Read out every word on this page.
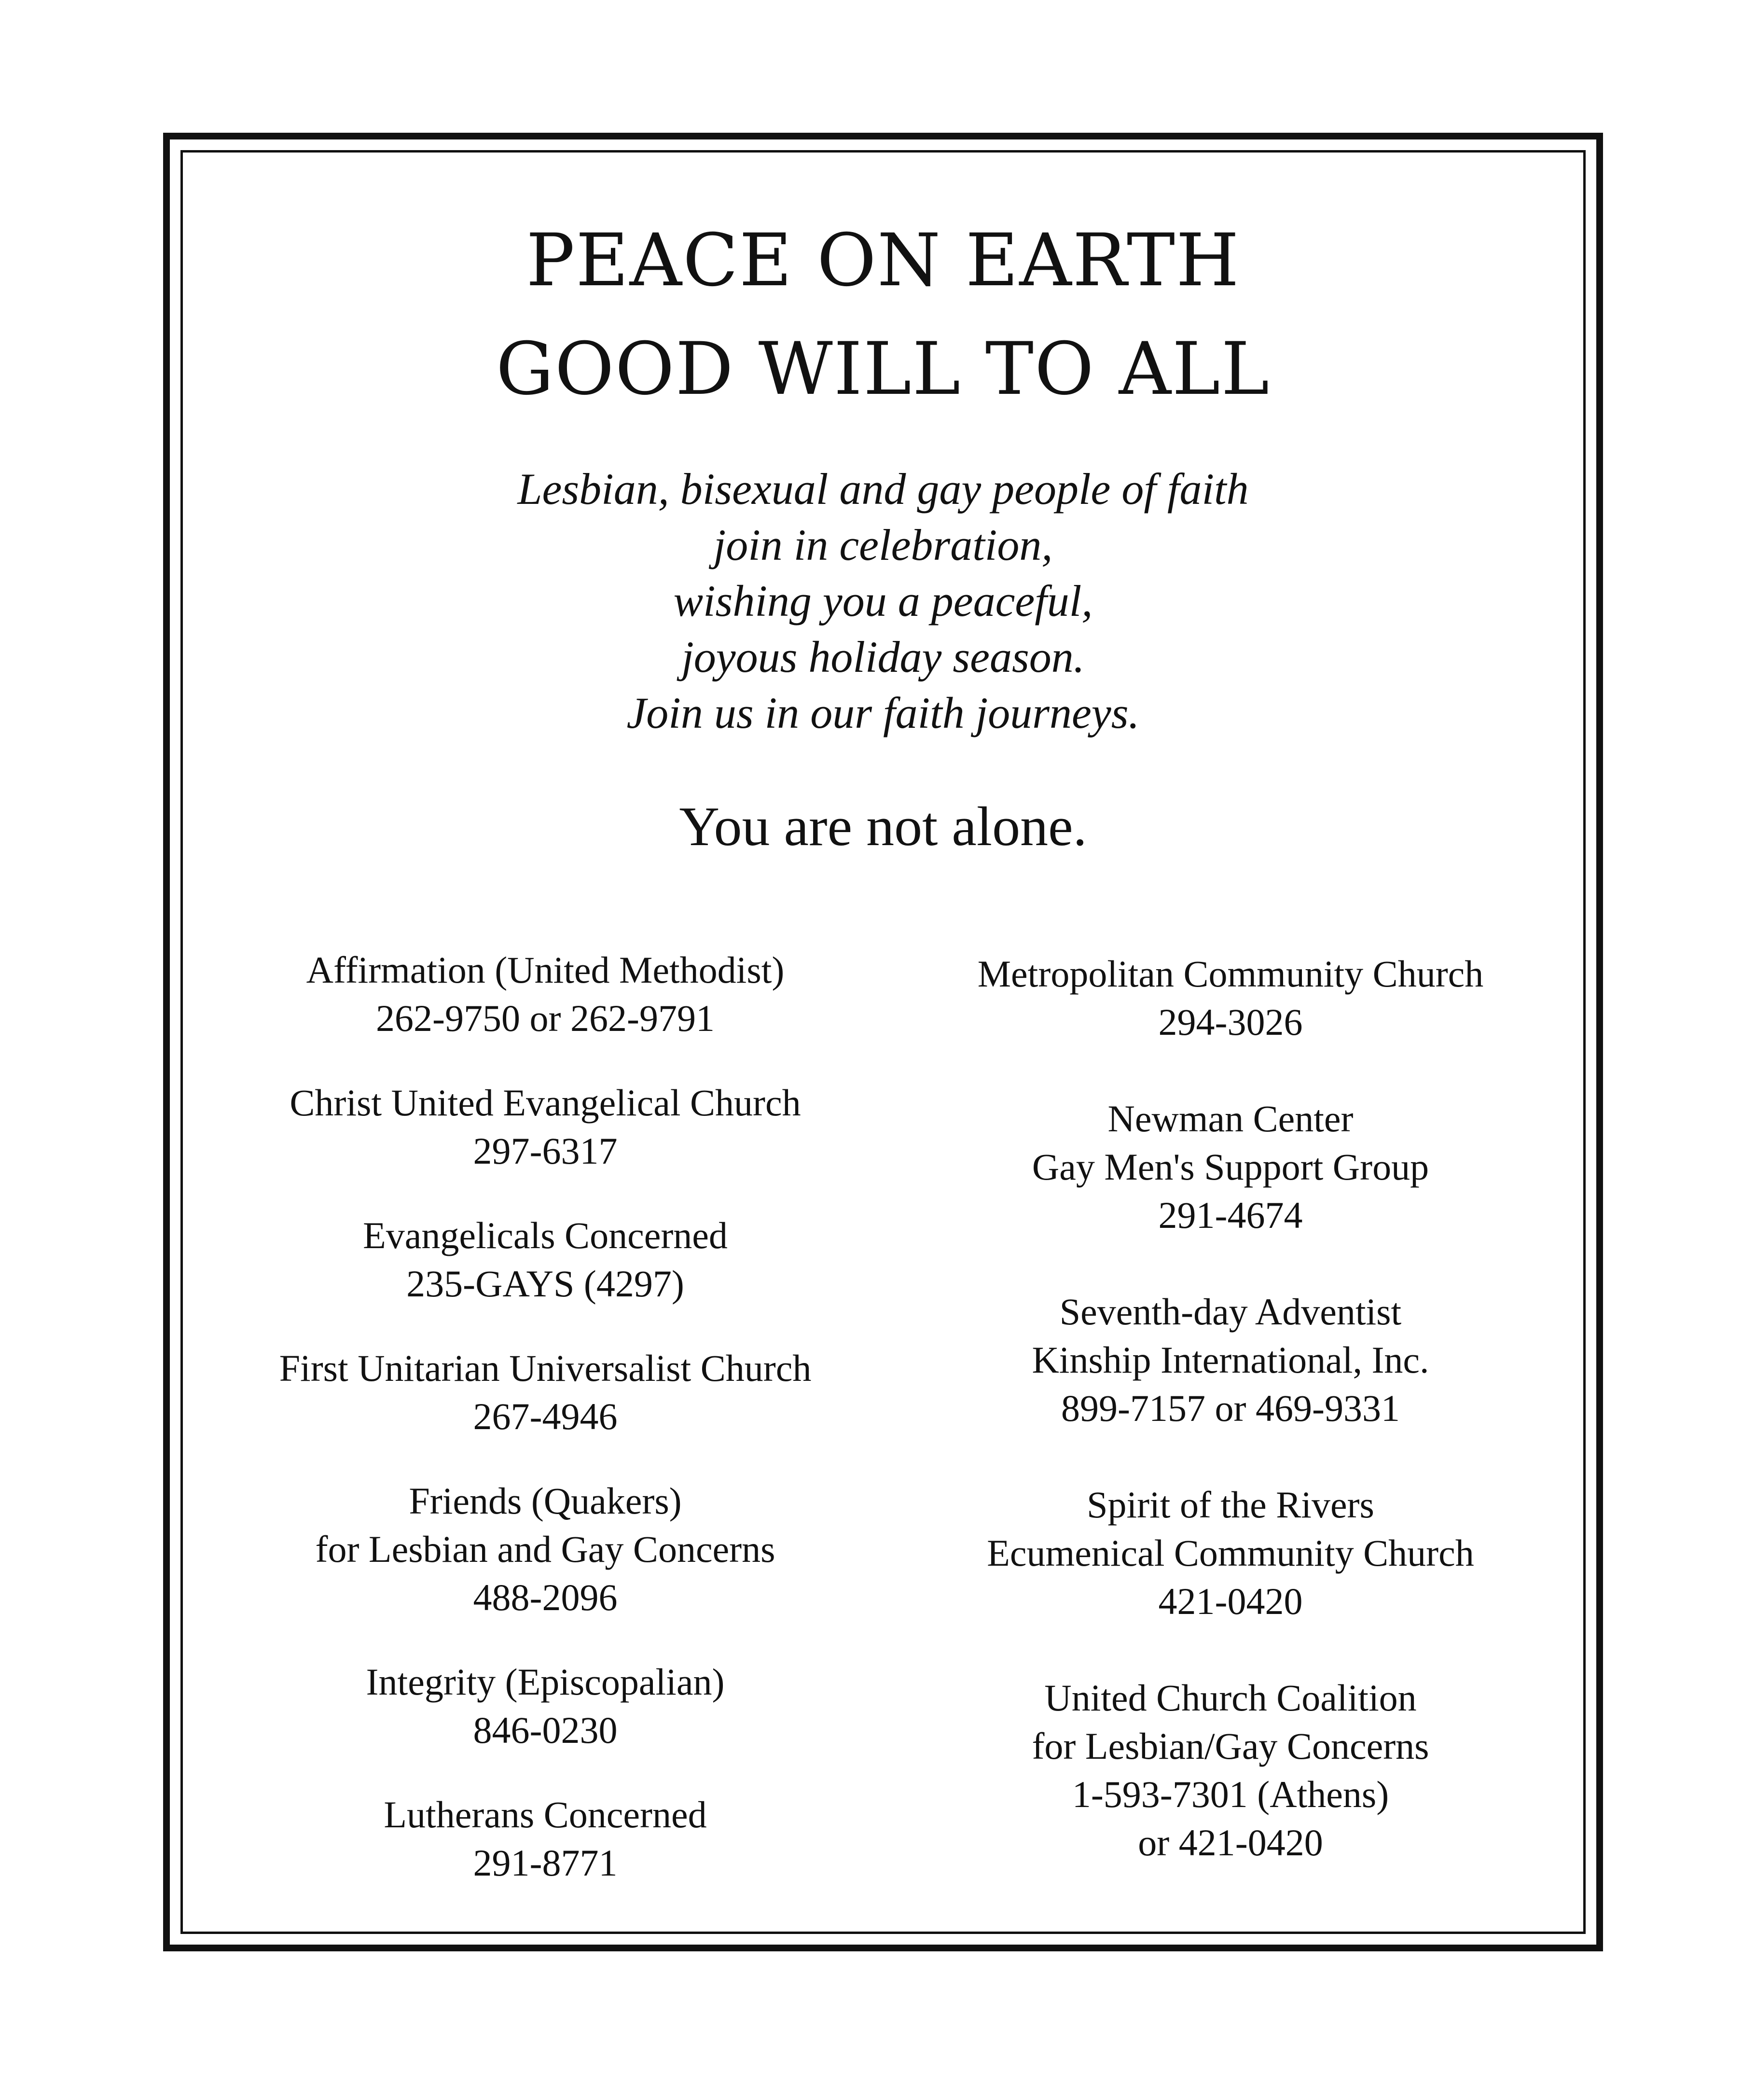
PEACE ON EARTH
GOOD WILL TO ALL
Lesbian, bisexual and gay people of faith
join in celebration,
wishing you a peaceful,
joyous holiday season.
Join us in our faith journeys.
You are not alone.
Affirmation (United Methodist)
262-9750 or 262-9791
Christ United Evangelical Church
297-6317
Evangelicals Concerned
235-GAYS (4297)
First Unitarian Universalist Church
267-4946
Friends (Quakers)
for Lesbian and Gay Concerns
488-2096
Integrity (Episcopalian)
846-0230
Lutherans Concerned
291-8771
Metropolitan Community Church
294-3026
Newman Center
Gay Men's Support Group
291-4674
Seventh-day Adventist
Kinship International, Inc.
899-7157 or 469-9331
Spirit of the Rivers
Ecumenical Community Church
421-0420
United Church Coalition
for Lesbian/Gay Concerns
1-593-7301 (Athens)
or 421-0420
